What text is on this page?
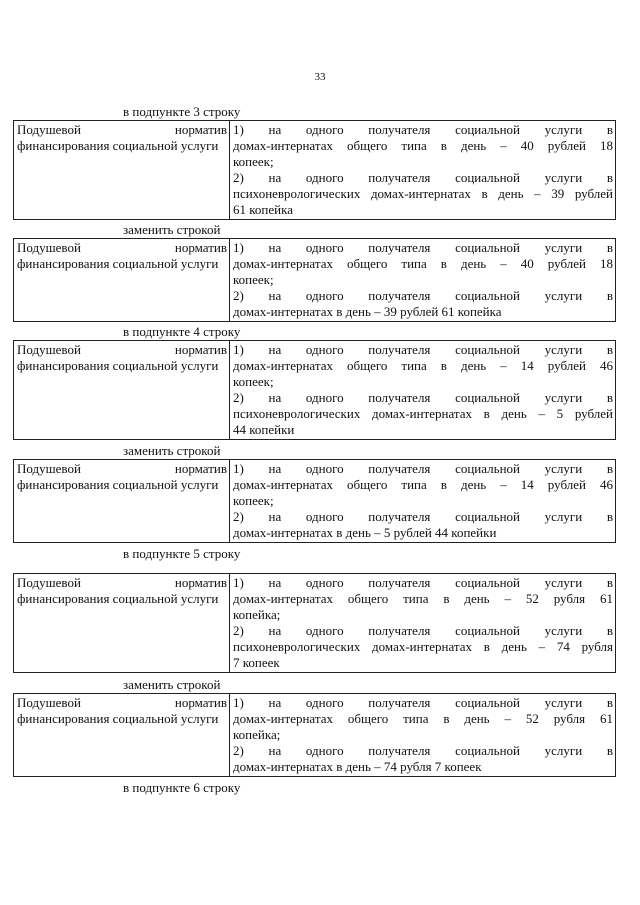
33
в подпункте 3 строку
Подушевой норматив финансирования социальной услуги	
1) на одного получателя социальной услуги в
домах-интернатах общего типа в день – 40 рублей 18
копеек;
2) на одного получателя социальной услуги в
психоневрологических домах-интернатах в день – 39 рублей
61 копейка
заменить строкой
Подушевой норматив финансирования социальной услуги	
1) на одного получателя социальной услуги в
домах-интернатах общего типа в день – 40 рублей 18
копеек;
2) на одного получателя социальной услуги в
домах-интернатах в день – 39 рублей 61 копейка
в подпункте 4 строку
Подушевой норматив финансирования социальной услуги	
1) на одного получателя социальной услуги в
домах-интернатах общего типа в день – 14 рублей 46
копеек;
2) на одного получателя социальной услуги в
психоневрологических домах-интернатах в день – 5 рублей
44 копейки
заменить строкой
Подушевой норматив финансирования социальной услуги	
1) на одного получателя социальной услуги в
домах-интернатах общего типа в день – 14 рублей 46
копеек;
2) на одного получателя социальной услуги в
домах-интернатах в день – 5 рублей 44 копейки
в подпункте 5 строку
Подушевой норматив финансирования социальной услуги	
1) на одного получателя социальной услуги в
домах-интернатах общего типа в день – 52 рубля 61
копейка;
2) на одного получателя социальной услуги в
психоневрологических домах-интернатах в день – 74 рубля
7 копеек
заменить строкой
Подушевой норматив финансирования социальной услуги	
1) на одного получателя социальной услуги в
домах-интернатах общего типа в день – 52 рубля 61
копейка;
2) на одного получателя социальной услуги в
домах-интернатах в день – 74 рубля 7 копеек
в подпункте 6 строку
